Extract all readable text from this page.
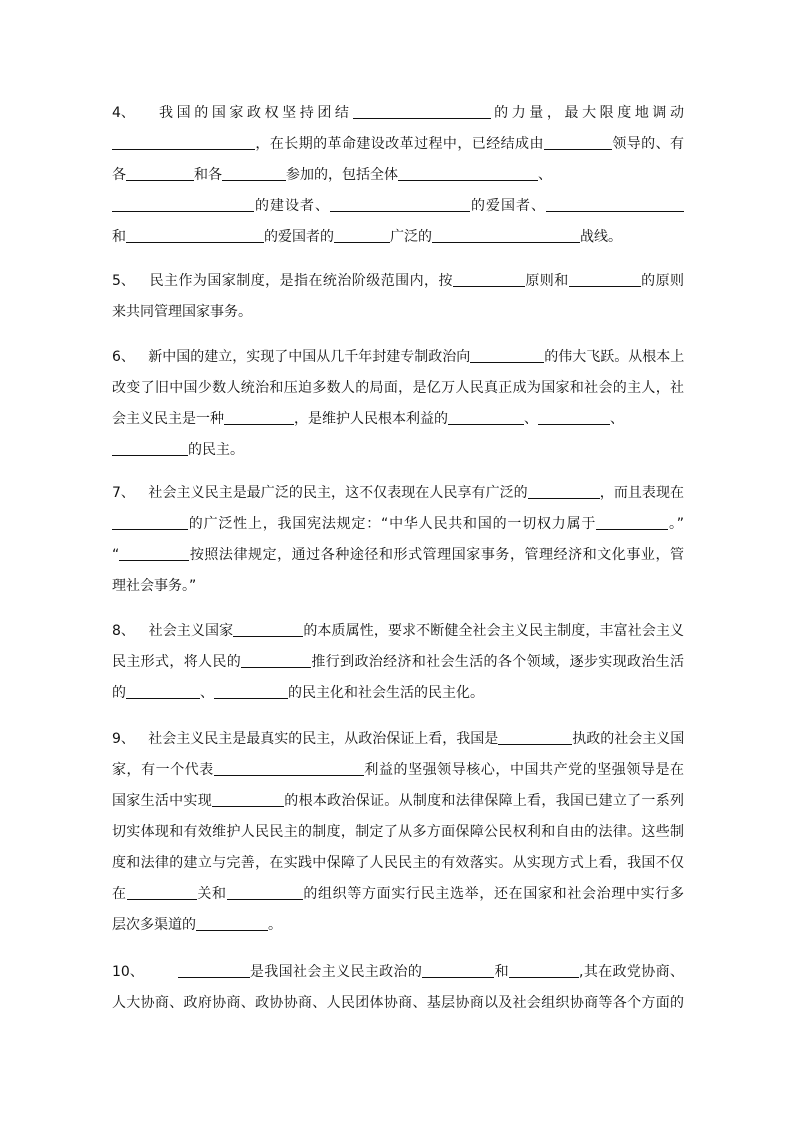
4、 我国的国家政权坚持团结	的力量，最大限度地调动
，在长期的革命建设改革过程中，已经结成由	领导的、有
各	和各	参加的，包括全体	、
的建设者、	的爱国者、
和	的爱国者的	广泛的	战线。
5、 民主作为国家制度，是指在统治阶级范围内，按	原则和	的原则
来共同管理国家事务。
6、 新中国的建立，实现了中国从几千年封建专制政治向	的伟大飞跃。从根本上
改变了旧中国少数人统治和压迫多数人的局面，是亿万人民真正成为国家和社会的主人，社
会主义民主是一种	，是维护人民根本利益的	、	、
的民主。
7、 社会主义民主是最广泛的民主，这不仅表现在人民享有广泛的	，而且表现在
的广泛性上，我国宪法规定：“中华人民共和国的一切权力属于	。”
“	按照法律规定，通过各种途径和形式管理国家事务，管理经济和文化事业，管
理社会事务。”
8、 社会主义国家	的本质属性，要求不断健全社会主义民主制度，丰富社会主义
民主形式，将人民的	推行到政治经济和社会生活的各个领域，逐步实现政治生活
的	、	的民主化和社会生活的民主化。
9、 社会主义民主是最真实的民主，从政治保证上看，我国是	执政的社会主义国
家，有一个代表	利益的坚强领导核心，中国共产党的坚强领导是在
国家生活中实现	的根本政治保证。从制度和法律保障上看，我国已建立了一系列
切实体现和有效维护人民民主的制度，制定了从多方面保障公民权利和自由的法律。这些制
度和法律的建立与完善，在实践中保障了人民民主的有效落实。从实现方式上看，我国不仅
在	关和	的组织等方面实行民主选举，还在国家和社会治理中实行多
层次多渠道的	。
10、	是我国社会主义民主政治的	和	,其在政党协商、
人大协商、政府协商、政协协商、人民团体协商、基层协商以及社会组织协商等各个方面的
